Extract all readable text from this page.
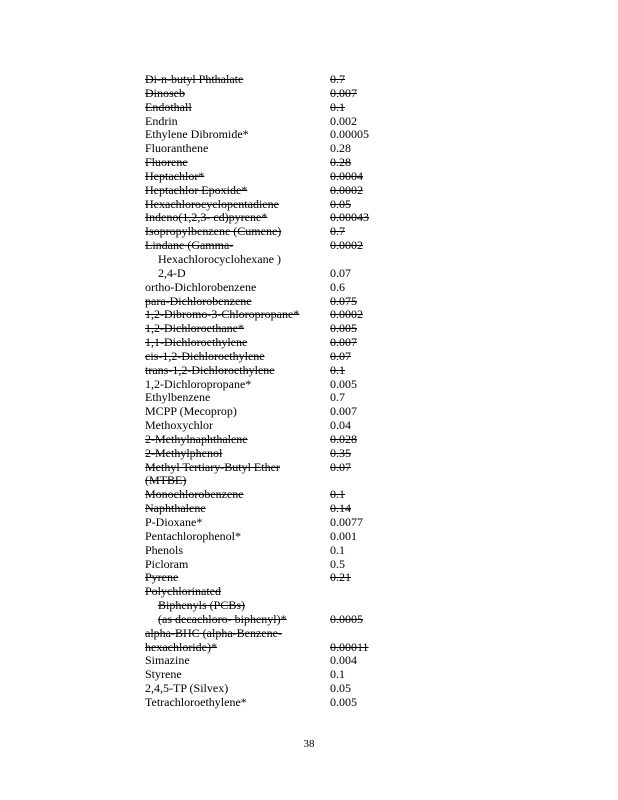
Di-n-butyl Phthalate	0.7
Dinoseb	0.007
Endothall	0.1
Endrin	0.002
Ethylene Dibromide*	0.00005
Fluoranthene	0.28
Fluorene	0.28
Heptachlor*	0.0004
Heptachlor Epoxide*	0.0002
Hexachlorocyclopentadiene	0.05
Indeno(1,2,3- cd)pyrene*	0.00043
Isopropylbenzene (Cumene)	0.7
Lindane (Gamma-	0.0002
Hexachlorocyclohexane )
2,4-D	0.07
ortho-Dichlorobenzene	0.6
para-Dichlorobenzene	0.075
1,2-Dibromo-3-Chloropropane*	0.0002
1,2-Dichloroethane*	0.005
1,1-Dichloroethylene	0.007
cis-1,2-Dichloroethylene	0.07
trans-1,2-Dichloroethylene	0.1
1,2-Dichloropropane*	0.005
Ethylbenzene	0.7
MCPP (Mecoprop)	0.007
Methoxychlor	0.04
2-Methylnaphthalene	0.028
2-Methylphenol	0.35
Methyl Tertiary-Butyl Ether	0.07
(MTBE)
Monochlorobenzene	0.1
Naphthalene	0.14
P-Dioxane*	0.0077
Pentachlorophenol*	0.001
Phenols	0.1
Picloram	0.5
Pyrene	0.21
Polychlorinated
Biphenyls (PCBs)
(as decachloro- biphenyl)*	0.0005
alpha-BHC (alpha-Benzene-
hexachloride)*	0.00011
Simazine	0.004
Styrene	0.1
2,4,5-TP (Silvex)	0.05
Tetrachloroethylene*	0.005
38
